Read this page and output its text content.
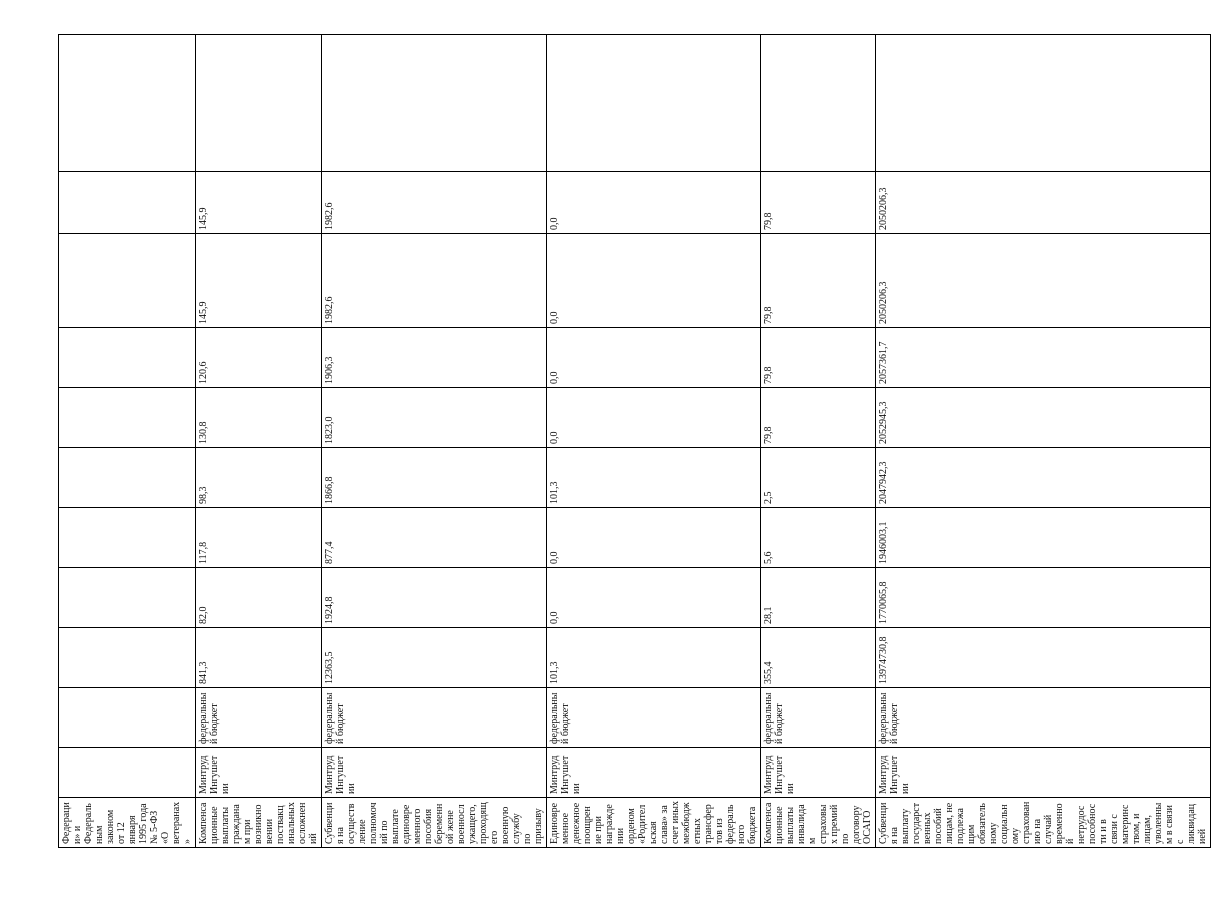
Федерации» и Федеральным законом от 12 января 1995 года № 5-ФЗ «О ветеранах»											
Компенсационные выплаты гражданам при возникновении поствакцинальных осложнений	Минтруд Ингушетии	федеральный бюджет	841,3	82,0	117,8	98,3	130,8	120,6	145,9	145,9	
Субвенция на осуществление полномочий по выплате единовременного пособия беременной жене военнослужащего, проходящего военную службу по призыву	Минтруд Ингушетии	федеральный бюджет	12363,5	1924,8	877,4	1866,8	1823,0	1906,3	1982,6	1982,6	
Единовременное денежное поощрение при награждении орденом «Родительская слава» за счет иных межбюджетных трансфертов из федерального бюджета	Минтруд Ингушетии	федеральный бюджет	101,3	0,0	0,0	101,3	0,0	0,0	0,0	0,0	
Компенсационные выплаты инвалидам страховых премий по договору ОСАГО	Минтруд Ингушетии	федеральный бюджет	355,4	28,1	5,6	2,5	79,8	79,8	79,8	79,8	
Субвенция на выплату государственных пособий лицам, не подлежащим обязательному социальному страхованию на случай временной нетрудоспособности и в связи с материнством, и лицам, уволенным в связи с ликвидацией	Минтруд Ингушетии	федеральный бюджет	13974730,8	1770065,8	1946003,1	2047942,3	2052945,3	2057361,7	2050206,3	2050206,3	
